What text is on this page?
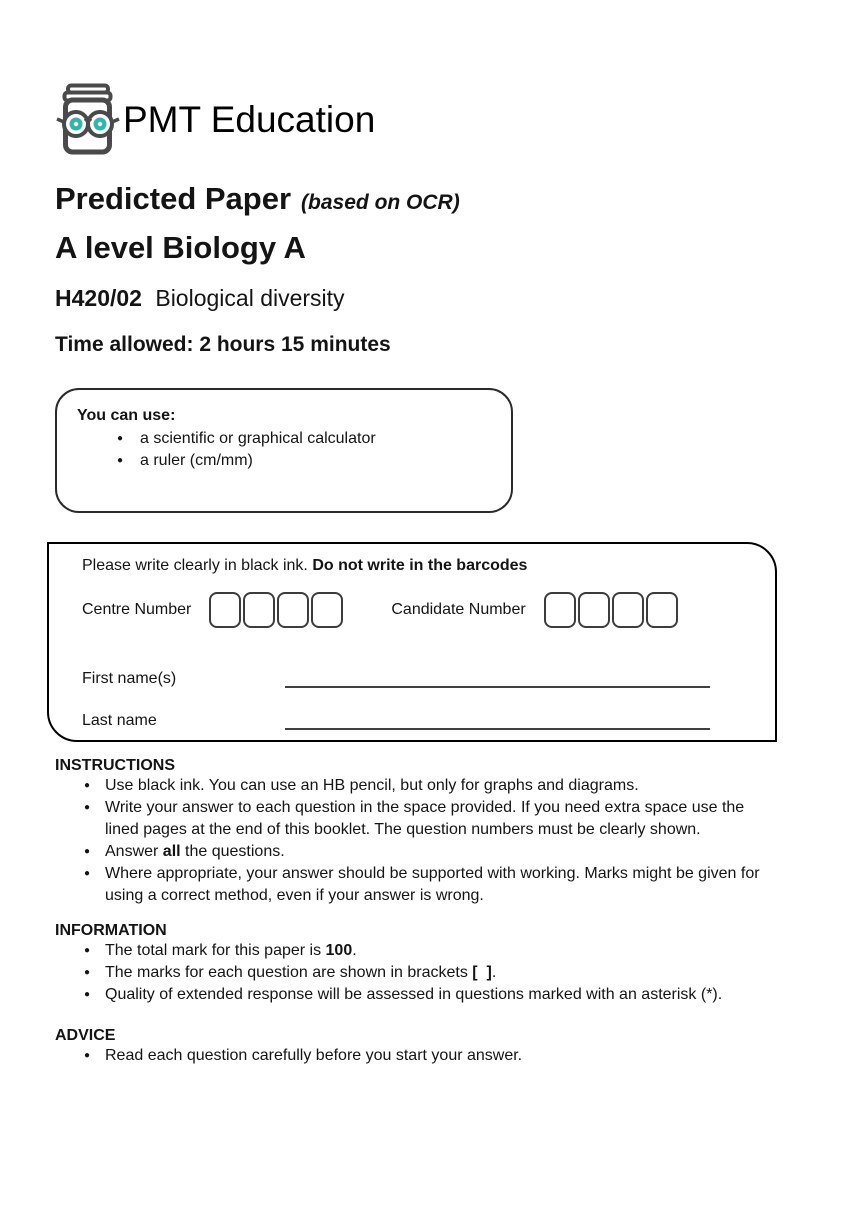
PMT Education
Predicted Paper (based on OCR)
A level Biology A
H420/02 Biological diversity
Time allowed: 2 hours 15 minutes
You can use:
● a scientific or graphical calculator
● a ruler (cm/mm)
Please write clearly in black ink. Do not write in the barcodes
Centre Number	Candidate Number
First name(s)
Last name
INSTRUCTIONS
● Use black ink. You can use an HB pencil, but only for graphs and diagrams.
● Write your answer to each question in the space provided. If you need extra space use the lined pages at the end of this booklet. The question numbers must be clearly shown.
● Answer all the questions.
● Where appropriate, your answer should be supported with working. Marks might be given for using a correct method, even if your answer is wrong.
INFORMATION
● The total mark for this paper is 100.
● The marks for each question are shown in brackets [  ].
● Quality of extended response will be assessed in questions marked with an asterisk (*).
ADVICE
● Read each question carefully before you start your answer.
